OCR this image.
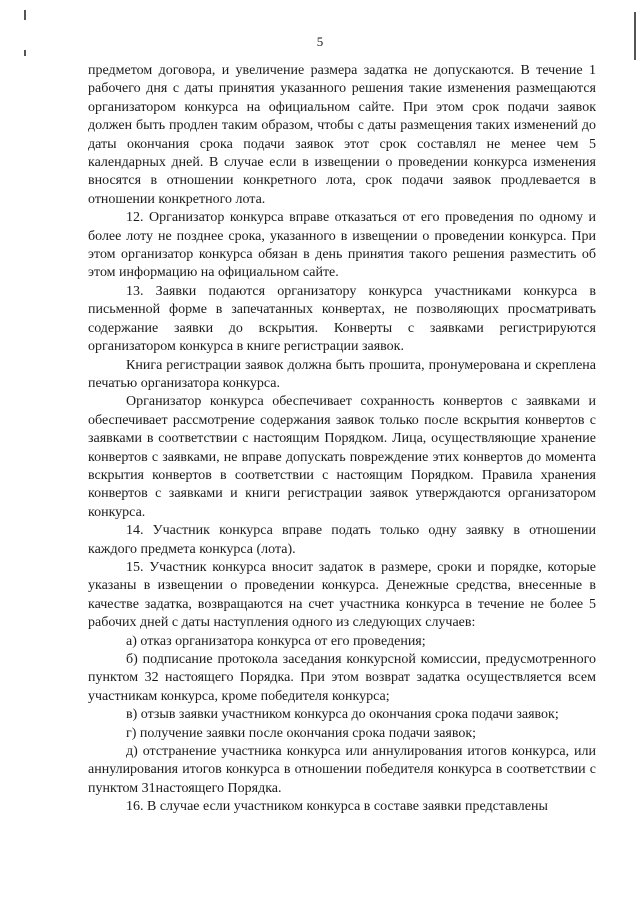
5

предметом договора, и увеличение размера задатка не допускаются. В течение 1 рабочего дня с даты принятия указанного решения такие изменения размещаются организатором конкурса на официальном сайте. При этом срок подачи заявок должен быть продлен таким образом, чтобы с даты размещения таких изменений до даты окончания срока подачи заявок этот срок составлял не менее чем 5 календарных дней. В случае если в извещении о проведении конкурса изменения вносятся в отношении конкретного лота, срок подачи заявок продлевается в отношении конкретного лота.

12. Организатор конкурса вправе отказаться от его проведения по одному и более лоту не позднее срока, указанного в извещении о проведении конкурса. При этом организатор конкурса обязан в день принятия такого решения разместить об этом информацию на официальном сайте.

13. Заявки подаются организатору конкурса участниками конкурса в письменной форме в запечатанных конвертах, не позволяющих просматривать содержание заявки до вскрытия. Конверты с заявками регистрируются организатором конкурса в книге регистрации заявок.

Книга регистрации заявок должна быть прошита, пронумерована и скреплена печатью организатора конкурса.

Организатор конкурса обеспечивает сохранность конвертов с заявками и обеспечивает рассмотрение содержания заявок только после вскрытия конвертов с заявками в соответствии с настоящим Порядком. Лица, осуществляющие хранение конвертов с заявками, не вправе допускать повреждение этих конвертов до момента вскрытия конвертов в соответствии с настоящим Порядком. Правила хранения конвертов с заявками и книги регистрации заявок утверждаются организатором конкурса.

14. Участник конкурса вправе подать только одну заявку в отношении каждого предмета конкурса (лота).

15. Участник конкурса вносит задаток в размере, сроки и порядке, которые указаны в извещении о проведении конкурса. Денежные средства, внесенные в качестве задатка, возвращаются на счет участника конкурса в течение не более 5 рабочих дней с даты наступления одного из следующих случаев:

а) отказ организатора конкурса от его проведения;

б) подписание протокола заседания конкурсной комиссии, предусмотренного пунктом 32 настоящего Порядка. При этом возврат задатка осуществляется всем участникам конкурса, кроме победителя конкурса;

в) отзыв заявки участником конкурса до окончания срока подачи заявок;

г) получение заявки после окончания срока подачи заявок;

д) отстранение участника конкурса или аннулирования итогов конкурса, или аннулирования итогов конкурса в отношении победителя конкурса в соответствии с пунктом 31настоящего Порядка.

16. В случае если участником конкурса в составе заявки представлены
